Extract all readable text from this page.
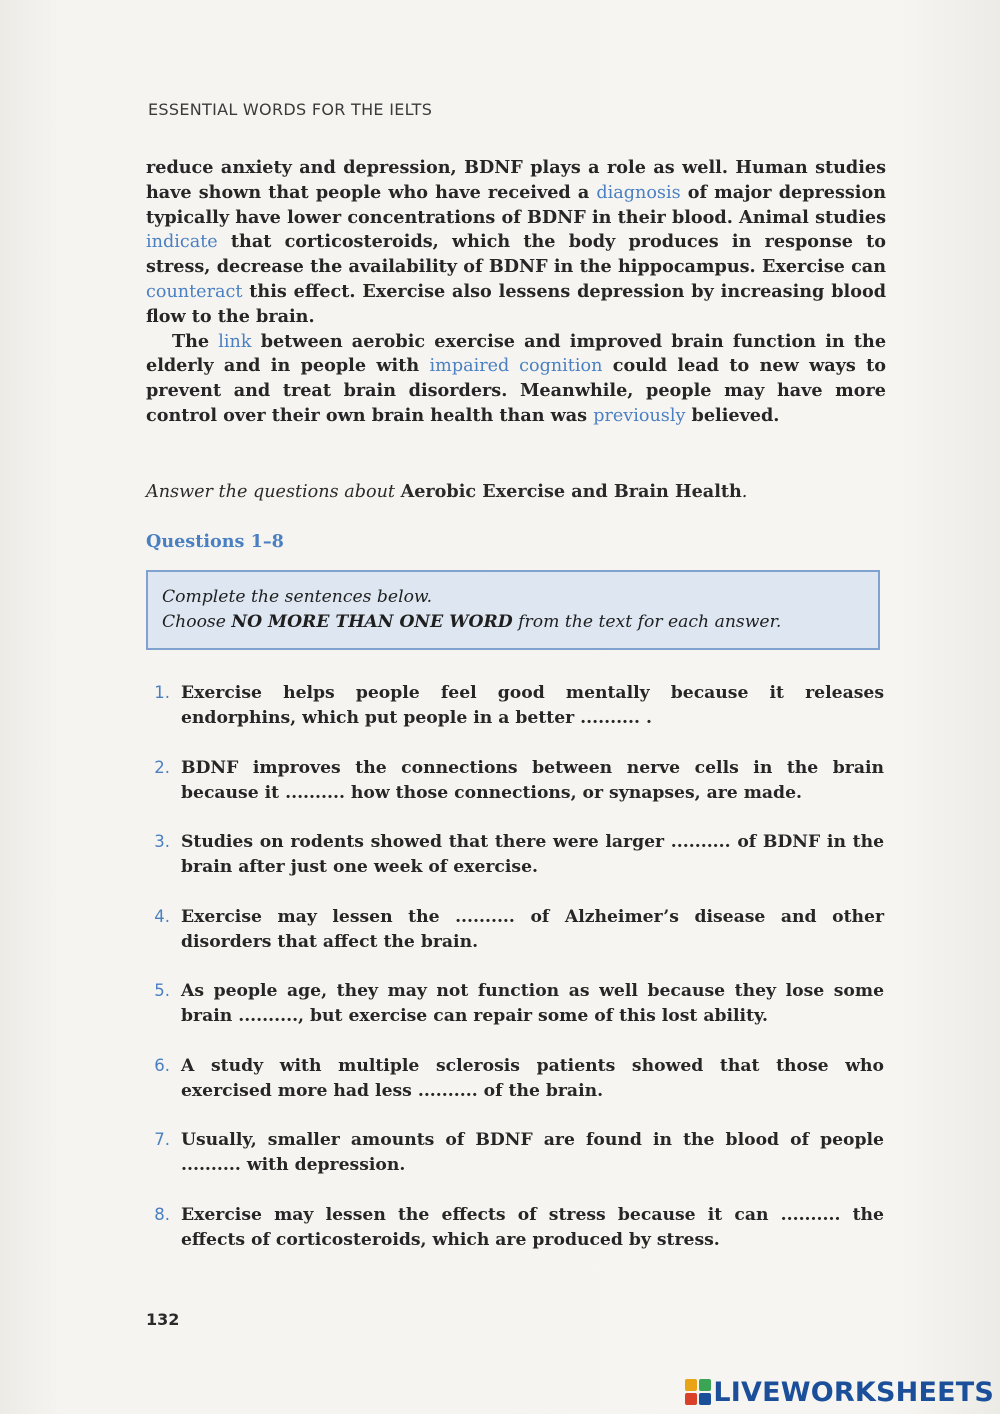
ESSENTIAL WORDS FOR THE IELTS

reduce anxiety and depression, BDNF plays a role as well. Human studies have shown that people who have received a diagnosis of major depression typically have lower concentrations of BDNF in their blood. Animal studies indicate that corticosteroids, which the body produces in response to stress, decrease the availability of BDNF in the hippocampus. Exercise can counteract this effect. Exercise also lessens depression by increasing blood flow to the brain.

The link between aerobic exercise and improved brain function in the elderly and in people with impaired cognition could lead to new ways to prevent and treat brain disorders. Meanwhile, people may have more control over their own brain health than was previously believed.

Answer the questions about Aerobic Exercise and Brain Health.
Questions 1–8
Complete the sentences below.
Choose NO MORE THAN ONE WORD from the text for each answer.
1. Exercise helps people feel good mentally because it releases endorphins, which put people in a better .......... .
2. BDNF improves the connections between nerve cells in the brain because it .......... how those connections, or synapses, are made.
3. Studies on rodents showed that there were larger .......... of BDNF in the brain after just one week of exercise.
4. Exercise may lessen the .......... of Alzheimer’s disease and other disorders that affect the brain.
5. As people age, they may not function as well because they lose some brain .........., but exercise can repair some of this lost ability.
6. A study with multiple sclerosis patients showed that those who exercised more had less .......... of the brain.
7. Usually, smaller amounts of BDNF are found in the blood of people .......... with depression.
8. Exercise may lessen the effects of stress because it can .......... the effects of corticosteroids, which are produced by stress.
132
LIVEWORKSHEETS
